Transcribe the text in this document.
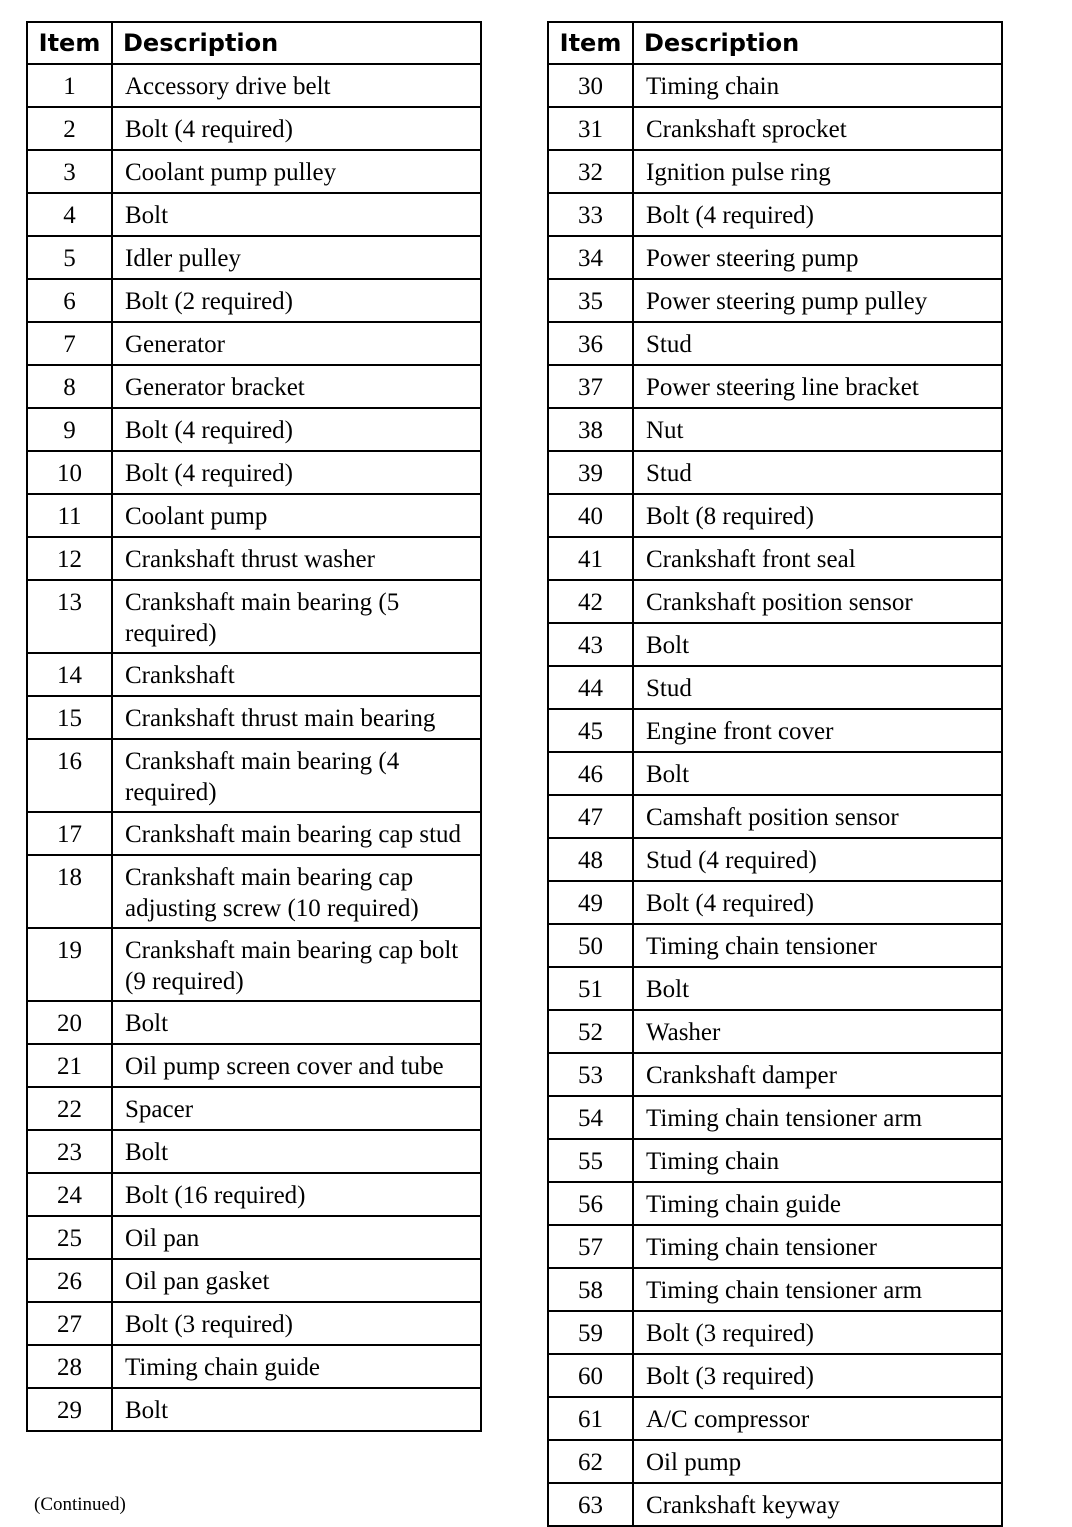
Item	Description
1	Accessory drive belt
2	Bolt (4 required)
3	Coolant pump pulley
4	Bolt
5	Idler pulley
6	Bolt (2 required)
7	Generator
8	Generator bracket
9	Bolt (4 required)
10	Bolt (4 required)
11	Coolant pump
12	Crankshaft thrust washer
13	Crankshaft main bearing (5 required)
14	Crankshaft
15	Crankshaft thrust main bearing
16	Crankshaft main bearing (4 required)
17	Crankshaft main bearing cap stud
18	Crankshaft main bearing cap adjusting screw (10 required)
19	Crankshaft main bearing cap bolt (9 required)
20	Bolt
21	Oil pump screen cover and tube
22	Spacer
23	Bolt
24	Bolt (16 required)
25	Oil pan
26	Oil pan gasket
27	Bolt (3 required)
28	Timing chain guide
29	Bolt
Item	Description
30	Timing chain
31	Crankshaft sprocket
32	Ignition pulse ring
33	Bolt (4 required)
34	Power steering pump
35	Power steering pump pulley
36	Stud
37	Power steering line bracket
38	Nut
39	Stud
40	Bolt (8 required)
41	Crankshaft front seal
42	Crankshaft position sensor
43	Bolt
44	Stud
45	Engine front cover
46	Bolt
47	Camshaft position sensor
48	Stud (4 required)
49	Bolt (4 required)
50	Timing chain tensioner
51	Bolt
52	Washer
53	Crankshaft damper
54	Timing chain tensioner arm
55	Timing chain
56	Timing chain guide
57	Timing chain tensioner
58	Timing chain tensioner arm
59	Bolt (3 required)
60	Bolt (3 required)
61	A/C compressor
62	Oil pump
63	Crankshaft keyway
(Continued)
